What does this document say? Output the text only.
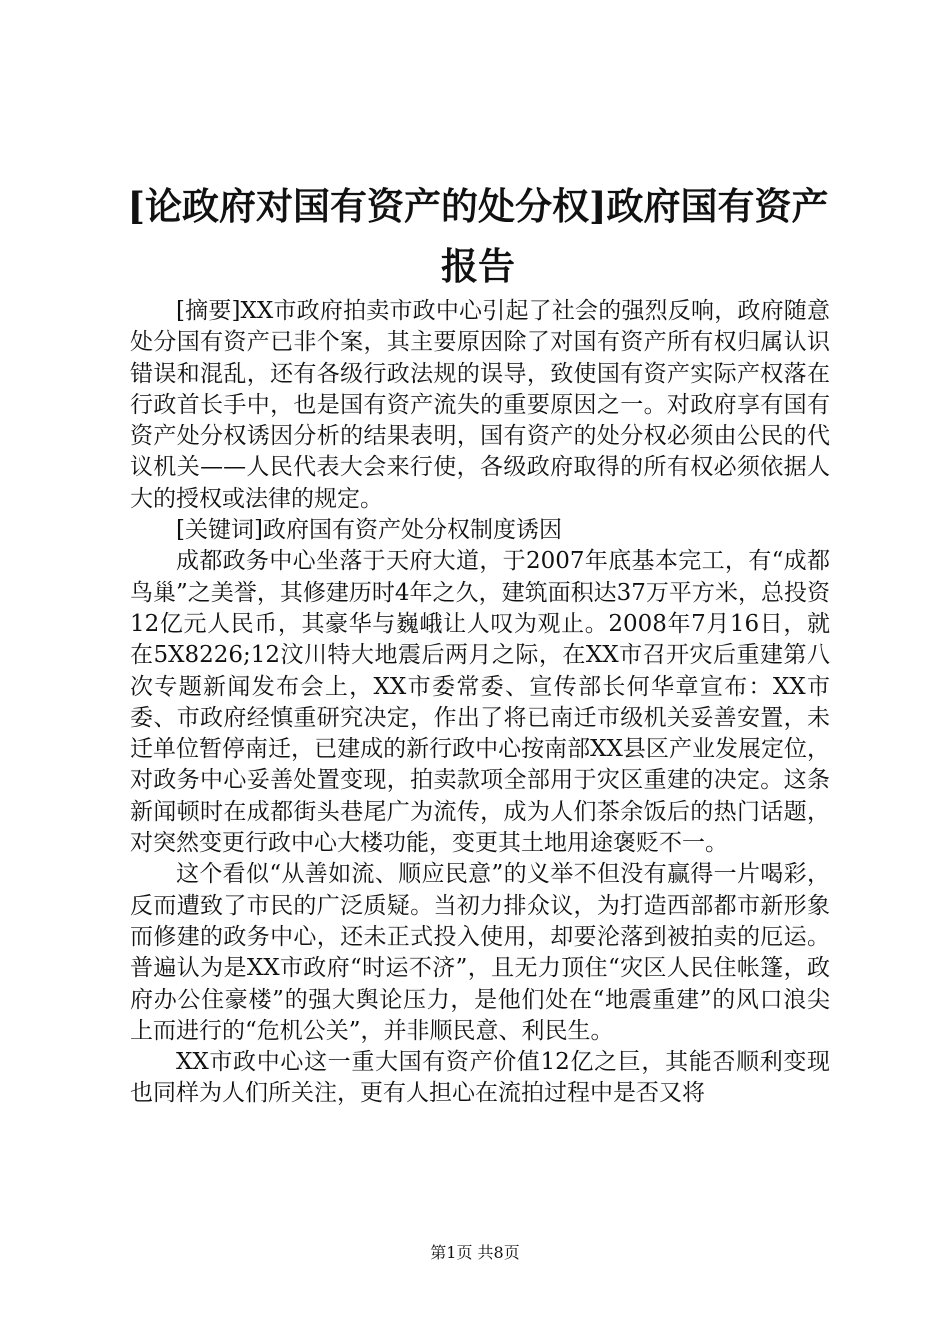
[论政府对国有资产的处分权]政府国有资产报告

[摘要]XX市政府拍卖市政中心引起了社会的强烈反响，政府随意处分国有资产已非个案，其主要原因除了对国有资产所有权归属认识错误和混乱，还有各级行政法规的误导，致使国有资产实际产权落在行政首长手中，也是国有资产流失的重要原因之一。对政府享有国有资产处分权诱因分析的结果表明，国有资产的处分权必须由公民的代议机关——人民代表大会来行使，各级政府取得的所有权必须依据人大的授权或法律的规定。

[关键词]政府国有资产处分权制度诱因

成都政务中心坐落于天府大道，于2007年底基本完工，有“成都鸟巢”之美誉，其修建历时4年之久，建筑面积达37万平方米，总投资12亿元人民币，其豪华与巍峨让人叹为观止。2008年7月16日，就在5X8226;12汶川特大地震后两月之际，在XX市召开灾后重建第八次专题新闻发布会上，XX市委常委、宣传部长何华章宣布：XX市委、市政府经慎重研究决定，作出了将已南迁市级机关妥善安置，未迁单位暂停南迁，已建成的新行政中心按南部XX县区产业发展定位，对政务中心妥善处置变现，拍卖款项全部用于灾区重建的决定。这条新闻顿时在成都街头巷尾广为流传，成为人们茶余饭后的热门话题，对突然变更行政中心大楼功能，变更其土地用途褒贬不一。

这个看似“从善如流、顺应民意”的义举不但没有赢得一片喝彩，反而遭致了市民的广泛质疑。当初力排众议，为打造西部都市新形象而修建的政务中心，还未正式投入使用，却要沦落到被拍卖的厄运。普遍认为是XX市政府“时运不济”，且无力顶住“灾区人民住帐篷，政府办公住豪楼”的强大舆论压力，是他们处在“地震重建”的风口浪尖上而进行的“危机公关”，并非顺民意、利民生。

XX市政中心这一重大国有资产价值12亿之巨，其能否顺利变现也同样为人们所关注，更有人担心在流拍过程中是否又将

第1页 共8页
